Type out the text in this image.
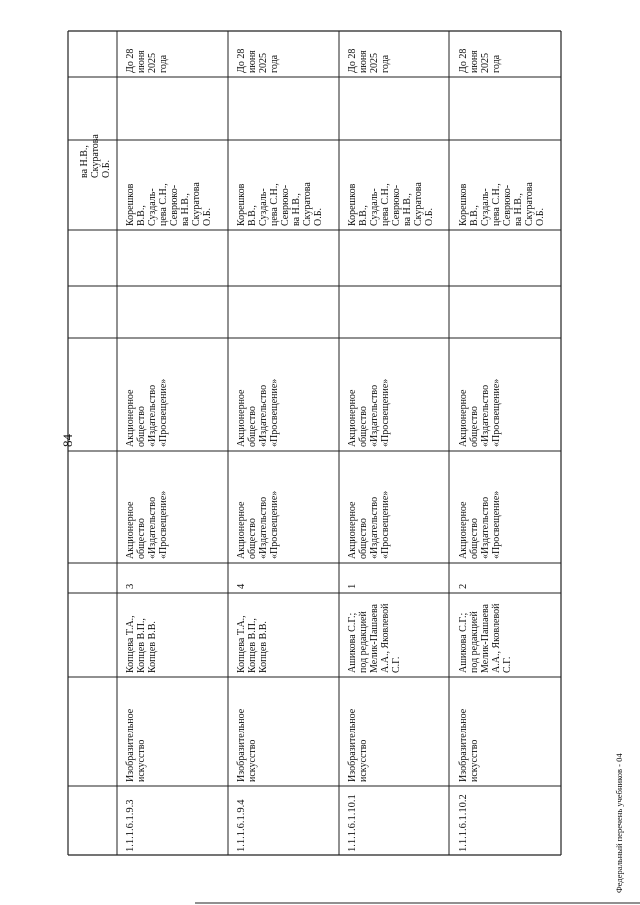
84
ва Н.В.,
Скуратова
О.Б.
1.1.1.6.1.9.3
Изобразительное
искусство
Копцева Т.А.,
Копцев В.П.,
Копцев В.В.
3
Акционерное
общество
«Издательство
«Просвещение»
Акционерное
общество
«Издательство
«Просвещение»
Корешков
В.В.,
Суздаль-
цева С.Н.,
Севрюко-
ва Н.В.,
Скуратова
О.Б.
До 28
июня
2025
года
1.1.1.6.1.9.4
Изобразительное
искусство
Копцева Т.А.,
Копцев В.П.,
Копцев В.В.
4
Акционерное
общество
«Издательство
«Просвещение»
Акционерное
общество
«Издательство
«Просвещение»
Корешков
В.В.,
Суздаль-
цева С.Н.,
Севрюко-
ва Н.В.,
Скуратова
О.Б.
До 28
июня
2025
года
1.1.1.6.1.10.1
Изобразительное
искусство
Ашикова С.Г.;
под редакцией
Мелик-Пашаева
А.А., Яковлевой
С.Г.
1
Акционерное
общество
«Издательство
«Просвещение»
Акционерное
общество
«Издательство
«Просвещение»
Корешков
В.В.,
Суздаль-
цева С.Н.,
Севрюко-
ва Н.В.,
Скуратова
О.Б.
До 28
июня
2025
года
1.1.1.6.1.10.2
Изобразительное
искусство
Ашикова С.Г.;
под редакцией
Мелик-Пашаева
А.А., Яковлевой
С.Г.
2
Акционерное
общество
«Издательство
«Просвещение»
Акционерное
общество
«Издательство
«Просвещение»
Корешков
В.В.,
Суздаль-
цева С.Н.,
Севрюко-
ва Н.В.,
Скуратова
О.Б.
До 28
июня
2025
года
Федеральный перечень учебников - 04
